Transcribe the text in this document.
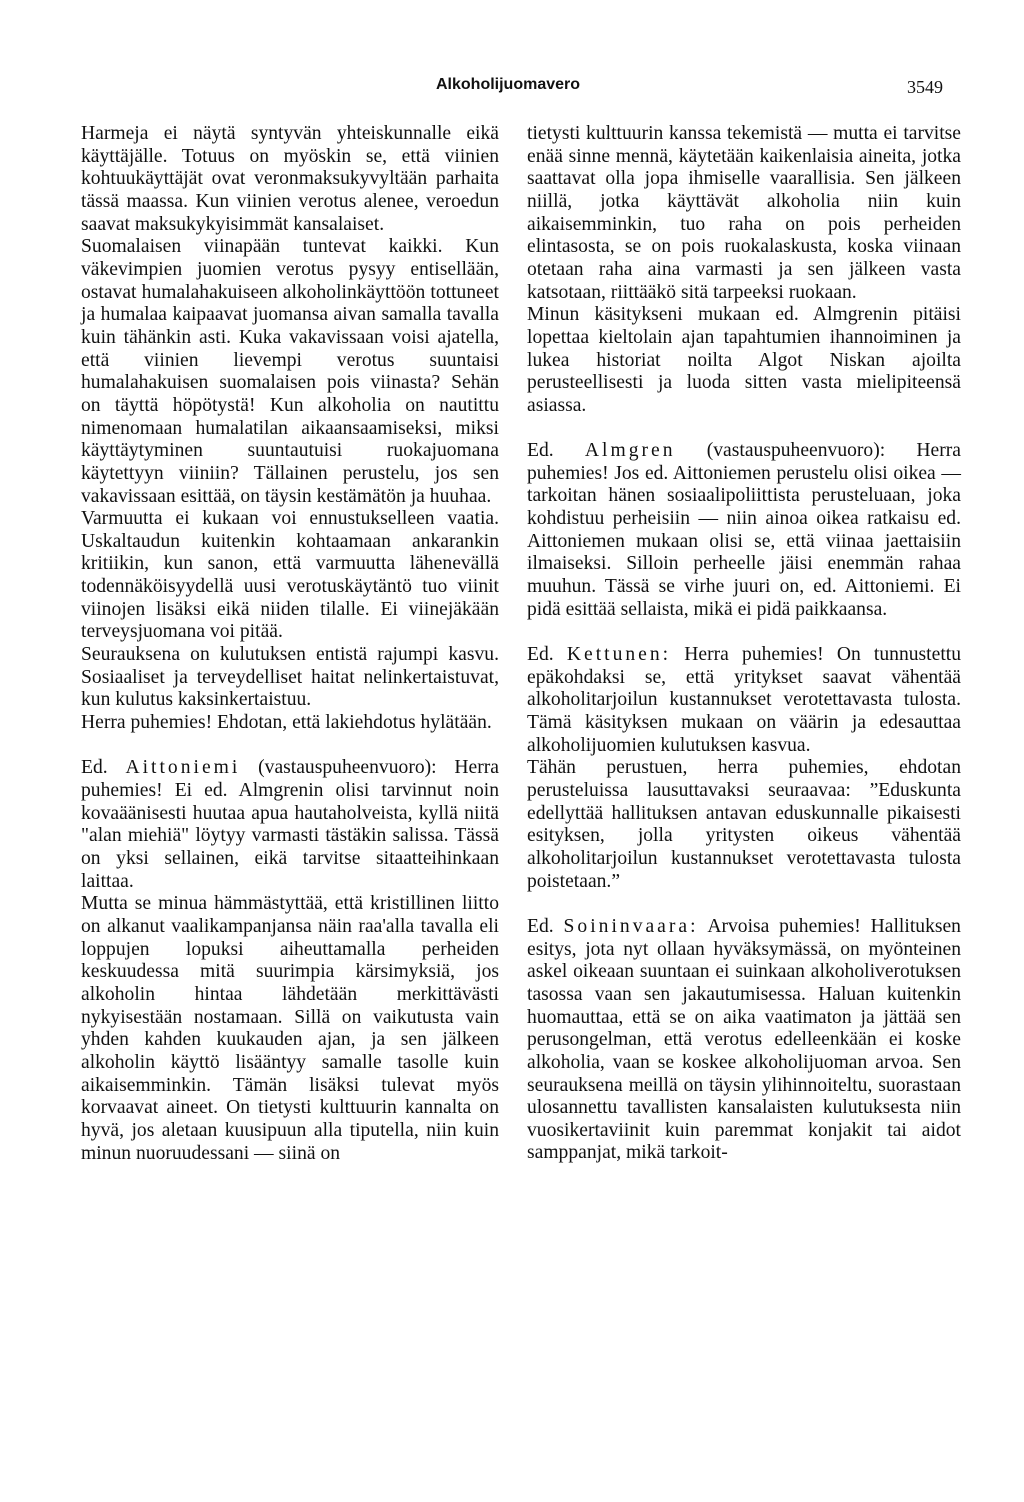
Alkoholijuomavero	3549

Harmeja ei näytä syntyvän yhteiskunnalle eikä käyttäjälle. Totuus on myöskin se, että viinien kohtuukäyttäjät ovat veronmaksukyvyltään parhaita tässä maassa. Kun viinien verotus alenee, veroedun saavat maksukykyisimmät kansalaiset.

Suomalaisen viinapään tuntevat kaikki. Kun väkevimpien juomien verotus pysyy entisellään, ostavat humalahakuiseen alkoholinkäyttöön tottuneet ja humalaa kaipaavat juomansa aivan samalla tavalla kuin tähänkin asti. Kuka vakavissaan voisi ajatella, että viinien lievempi verotus suuntaisi humalahakuisen suomalaisen pois viinasta? Sehän on täyttä höpötystä! Kun alkoholia on nautittu nimenomaan humalatilan aikaansaamiseksi, miksi käyttäytyminen suuntautuisi ruokajuomana käytettyyn viiniin? Tällainen perustelu, jos sen vakavissaan esittää, on täysin kestämätön ja huuhaa.

Varmuutta ei kukaan voi ennustukselleen vaatia. Uskaltaudun kuitenkin kohtaamaan ankarankin kritiikin, kun sanon, että varmuutta lähenevällä todennäköisyydellä uusi verotuskäytäntö tuo viinit viinojen lisäksi eikä niiden tilalle. Ei viinejäkään terveysjuomana voi pitää.

Seurauksena on kulutuksen entistä rajumpi kasvu. Sosiaaliset ja terveydelliset haitat nelinkertaistuvat, kun kulutus kaksinkertaistuu.

Herra puhemies! Ehdotan, että lakiehdotus hylätään.

Ed. Aittoniemi (vastauspuheenvuoro): Herra puhemies! Ei ed. Almgrenin olisi tarvinnut noin kovaäänisesti huutaa apua hautaholveista, kyllä niitä "alan miehiä" löytyy varmasti tästäkin salissa. Tässä on yksi sellainen, eikä tarvitse sitaatteihinkaan laittaa.

Mutta se minua hämmästyttää, että kristillinen liitto on alkanut vaalikampanjansa näin raa'alla tavalla eli loppujen lopuksi aiheuttamalla perheiden keskuudessa mitä suurimpia kärsimyksiä, jos alkoholin hintaa lähdetään merkittävästi nykyisestään nostamaan. Sillä on vaikutusta vain yhden kahden kuukauden ajan, ja sen jälkeen alkoholin käyttö lisääntyy samalle tasolle kuin aikaisemminkin. Tämän lisäksi tulevat myös korvaavat aineet. On tietysti kulttuurin kannalta on hyvä, jos aletaan kuusipuun alla tiputella, niin kuin minun nuoruudessani — siinä on

tietysti kulttuurin kanssa tekemistä — mutta ei tarvitse enää sinne mennä, käytetään kaikenlaisia aineita, jotka saattavat olla jopa ihmiselle vaarallisia. Sen jälkeen niillä, jotka käyttävät alkoholia niin kuin aikaisemminkin, tuo raha on pois perheiden elintasosta, se on pois ruokalaskusta, koska viinaan otetaan raha aina varmasti ja sen jälkeen vasta katsotaan, riittääkö sitä tarpeeksi ruokaan.

Minun käsitykseni mukaan ed. Almgrenin pitäisi lopettaa kieltolain ajan tapahtumien ihannoiminen ja lukea historiat noilta Algot Niskan ajoilta perusteellisesti ja luoda sitten vasta mielipiteensä asiassa.

Ed. Almgren (vastauspuheenvuoro): Herra puhemies! Jos ed. Aittoniemen perustelu olisi oikea — tarkoitan hänen sosiaalipoliittista perusteluaan, joka kohdistuu perheisiin — niin ainoa oikea ratkaisu ed. Aittoniemen mukaan olisi se, että viinaa jaettaisiin ilmaiseksi. Silloin perheelle jäisi enemmän rahaa muuhun. Tässä se virhe juuri on, ed. Aittoniemi. Ei pidä esittää sellaista, mikä ei pidä paikkaansa.

Ed. Kettunen: Herra puhemies! On tunnustettu epäkohdaksi se, että yritykset saavat vähentää alkoholitarjoilun kustannukset verotettavasta tulosta. Tämä käsityksen mukaan on väärin ja edesauttaa alkoholijuomien kulutuksen kasvua.

Tähän perustuen, herra puhemies, ehdotan perusteluissa lausuttavaksi seuraavaa: ”Eduskunta edellyttää hallituksen antavan eduskunnalle pikaisesti esityksen, jolla yritysten oikeus vähentää alkoholitarjoilun kustannukset verotettavasta tulosta poistetaan.”

Ed. Soininvaara: Arvoisa puhemies! Hallituksen esitys, jota nyt ollaan hyväksymässä, on myönteinen askel oikeaan suuntaan ei suinkaan alkoholiverotuksen tasossa vaan sen jakautumisessa. Haluan kuitenkin huomauttaa, että se on aika vaatimaton ja jättää sen perusongelman, että verotus edelleenkään ei koske alkoholia, vaan se koskee alkoholijuoman arvoa. Sen seurauksena meillä on täysin ylihinnoiteltu, suorastaan ulosannettu tavallisten kansalaisten kulutuksesta niin vuosikertaviinit kuin paremmat konjakit tai aidot samppanjat, mikä tarkoit-
